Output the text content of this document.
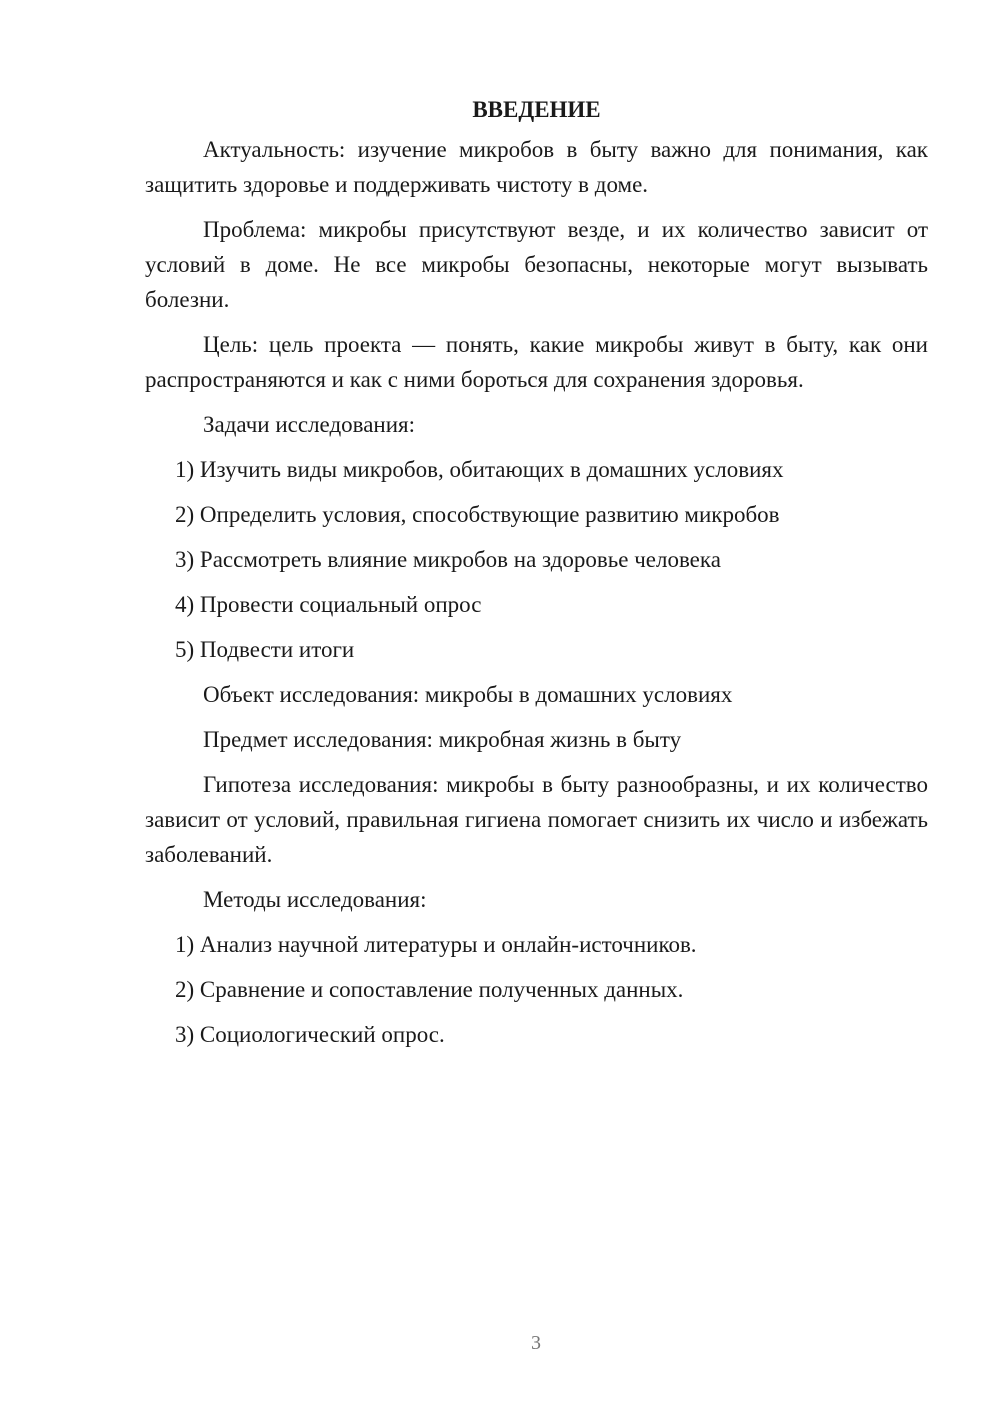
ВВЕДЕНИЕ
Актуальность: изучение микробов в быту важно для понимания, как защитить здоровье и поддерживать чистоту в доме.
Проблема: микробы присутствуют везде, и их количество зависит от условий в доме. Не все микробы безопасны, некоторые могут вызывать болезни.
Цель: цель проекта — понять, какие микробы живут в быту, как они распространяются и как с ними бороться для сохранения здоровья.
Задачи исследования:
1) Изучить виды микробов, обитающих в домашних условиях
2) Определить условия, способствующие развитию микробов
3) Рассмотреть влияние микробов на здоровье человека
4) Провести социальный опрос
5) Подвести итоги
Объект исследования: микробы в домашних условиях
Предмет исследования: микробная жизнь в быту
Гипотеза исследования: микробы в быту разнообразны, и их количество зависит от условий, правильная гигиена помогает снизить их число и избежать заболеваний.
Методы исследования:
1) Анализ научной литературы и онлайн-источников.
2) Сравнение и сопоставление полученных данных.
3) Социологический опрос.
3
